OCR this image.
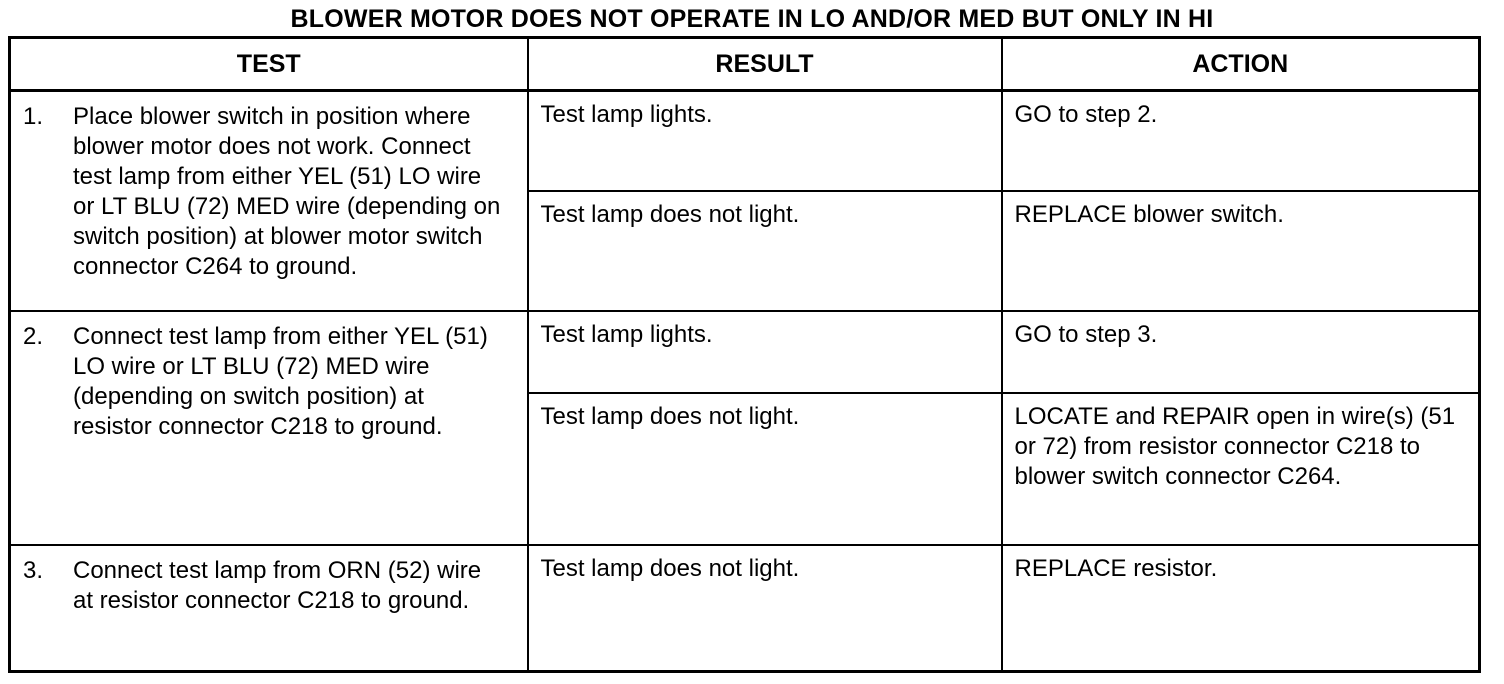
BLOWER MOTOR DOES NOT OPERATE IN LO AND/OR MED BUT ONLY IN HI
TEST	RESULT	ACTION

1. Place blower switch in position where blower motor does not work. Connect test lamp from either YEL (51) LO wire or LT BLU (72) MED wire (depending on switch position) at blower motor switch connector C264 to ground.	Test lamp lights.	GO to step 2.
	Test lamp does not light.	REPLACE blower switch.

2. Connect test lamp from either YEL (51) LO wire or LT BLU (72) MED wire (depending on switch position) at resistor connector C218 to ground.	Test lamp lights.	GO to step 3.
	Test lamp does not light.	LOCATE and REPAIR open in wire(s) (51 or 72) from resistor connector C218 to blower switch connector C264.

3. Connect test lamp from ORN (52) wire at resistor connector C218 to ground.	Test lamp does not light.	REPLACE resistor.
